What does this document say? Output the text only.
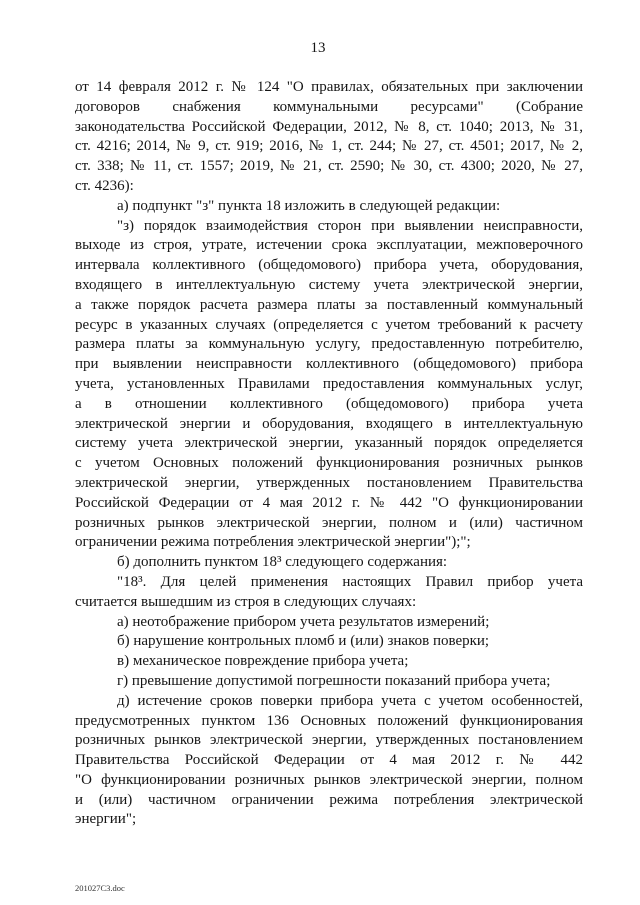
13
от 14 февраля 2012 г. № 124 "О правилах, обязательных при заключении
договоров снабжения коммунальными ресурсами" (Собрание
законодательства Российской Федерации, 2012, № 8, ст. 1040; 2013, № 31,
ст. 4216; 2014, № 9, ст. 919; 2016, № 1, ст. 244; № 27, ст. 4501; 2017, № 2,
ст. 338; № 11, ст. 1557; 2019, № 21, ст. 2590; № 30, ст. 4300; 2020, № 27,
ст. 4236):
а) подпункт "з" пункта 18 изложить в следующей редакции:
"з) порядок взаимодействия сторон при выявлении неисправности,
выходе из строя, утрате, истечении срока эксплуатации, межповерочного
интервала коллективного (общедомового) прибора учета, оборудования,
входящего в интеллектуальную систему учета электрической энергии,
а также порядок расчета размера платы за поставленный коммунальный
ресурс в указанных случаях (определяется с учетом требований к расчету
размера платы за коммунальную услугу, предоставленную потребителю,
при выявлении неисправности коллективного (общедомового) прибора
учета, установленных Правилами предоставления коммунальных услуг,
а в отношении коллективного (общедомового) прибора учета
электрической энергии и оборудования, входящего в интеллектуальную
систему учета электрической энергии, указанный порядок определяется
с учетом Основных положений функционирования розничных рынков
электрической энергии, утвержденных постановлением Правительства
Российской Федерации от 4 мая 2012 г. № 442 "О функционировании
розничных рынков электрической энергии, полном и (или) частичном
ограничении режима потребления электрической энергии");";
б) дополнить пунктом 18³ следующего содержания:
"18³. Для целей применения настоящих Правил прибор учета
считается вышедшим из строя в следующих случаях:
а) неотображение прибором учета результатов измерений;
б) нарушение контрольных пломб и (или) знаков поверки;
в) механическое повреждение прибора учета;
г) превышение допустимой погрешности показаний прибора учета;
д) истечение сроков поверки прибора учета с учетом особенностей,
предусмотренных пунктом 136 Основных положений функционирования
розничных рынков электрической энергии, утвержденных постановлением
Правительства Российской Федерации от 4 мая 2012 г. № 442
"О функционировании розничных рынков электрической энергии, полном
и (или) частичном ограничении режима потребления электрической
энергии";
201027C3.doc
